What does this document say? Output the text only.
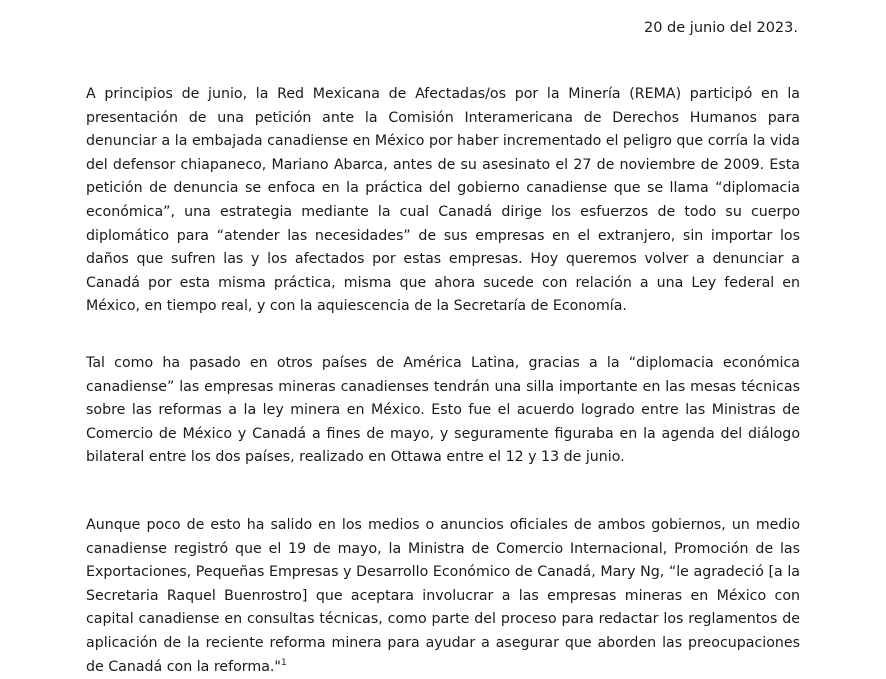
20 de junio del 2023.

A principios de junio, la Red Mexicana de Afectadas/os por la Minería (REMA) participó en la presentación de una petición ante la Comisión Interamericana de Derechos Humanos para denunciar a la embajada canadiense en México por haber incrementado el peligro que corría la vida del defensor chiapaneco, Mariano Abarca, antes de su asesinato el 27 de noviembre de 2009. Esta petición de denuncia se enfoca en la práctica del gobierno canadiense que se llama “diplomacia económica”, una estrategia mediante la cual Canadá dirige los esfuerzos de todo su cuerpo diplomático para “atender las necesidades” de sus empresas en el extranjero, sin importar los daños que sufren las y los afectados por estas empresas. Hoy queremos volver a denunciar a Canadá por esta misma práctica, misma que ahora sucede con relación a una Ley federal en México, en tiempo real, y con la aquiescencia de la Secretaría de Economía.

Tal como ha pasado en otros países de América Latina, gracias a la “diplomacia económica canadiense” las empresas mineras canadienses tendrán una silla importante en las mesas técnicas sobre las reformas a la ley minera en México. Esto fue el acuerdo logrado entre las Ministras de Comercio de México y Canadá a fines de mayo, y seguramente figuraba en la agenda del diálogo bilateral entre los dos países, realizado en Ottawa entre el 12 y 13 de junio.

Aunque poco de esto ha salido en los medios o anuncios oficiales de ambos gobiernos, un medio canadiense registró que el 19 de mayo, la Ministra de Comercio Internacional, Promoción de las Exportaciones, Pequeñas Empresas y Desarrollo Económico de Canadá, Mary Ng, “le agradeció [a la Secretaria Raquel Buenrostro] que aceptara involucrar a las empresas mineras en México con capital canadiense en consultas técnicas, como parte del proceso para redactar los reglamentos de aplicación de la reciente reforma minera para ayudar a asegurar que aborden las preocupaciones de Canadá con la reforma."$^1$
